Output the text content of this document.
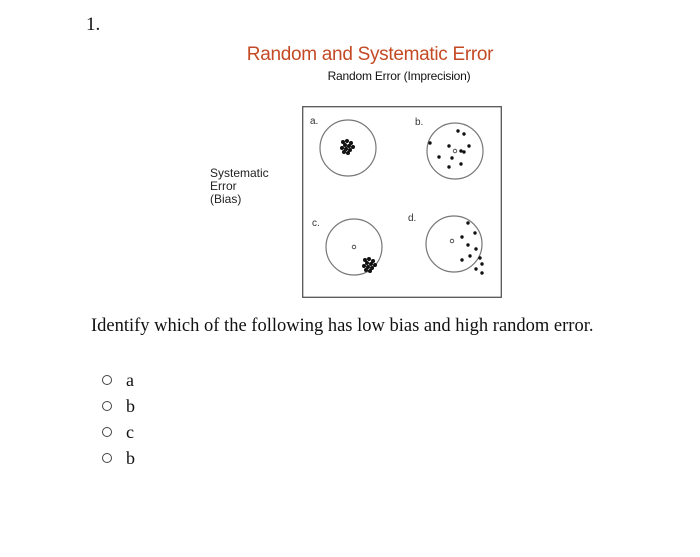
1.
Random and Systematic Error
Random Error (Imprecision)
Systematic
Error
(Bias)
a.	b.
c.	d.
Identify which of the following has low bias and high random error.
a
b
c
b
